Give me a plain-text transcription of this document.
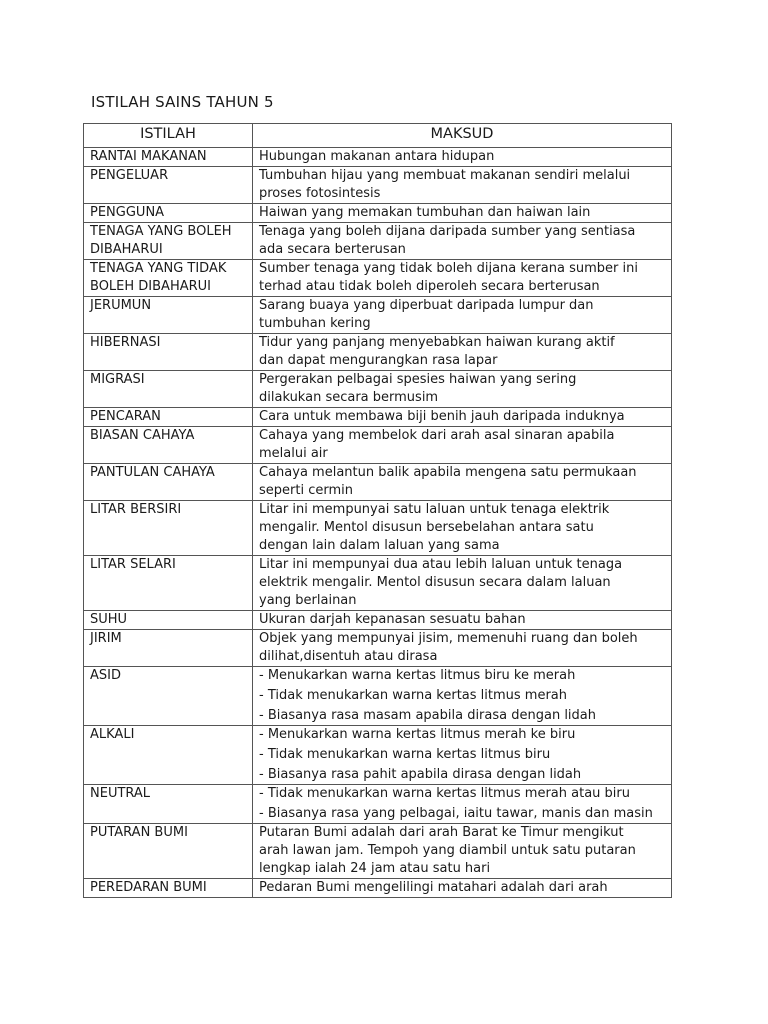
ISTILAH SAINS TAHUN 5
ISTILAH	MAKSUD
RANTAI MAKANAN	Hubungan makanan antara hidupan

PENGELUAR	Tumbuhan hijau yang membuat makanan sendiri melalui
proses fotosintesis

PENGGUNA	Haiwan yang memakan tumbuhan dan haiwan lain

TENAGA YANG BOLEH DIBAHARUI	Tenaga yang boleh dijana daripada sumber yang sentiasa
ada secara berterusan

TENAGA YANG TIDAK BOLEH DIBAHARUI	Sumber tenaga yang tidak boleh dijana kerana sumber ini
terhad atau tidak boleh diperoleh secara berterusan

JERUMUN	Sarang buaya yang diperbuat daripada lumpur dan
tumbuhan kering

HIBERNASI	Tidur yang panjang menyebabkan haiwan kurang aktif
dan dapat mengurangkan rasa lapar

MIGRASI	Pergerakan pelbagai spesies haiwan yang sering
dilakukan secara bermusim

PENCARAN	Cara untuk membawa biji benih jauh daripada induknya

BIASAN CAHAYA	Cahaya yang membelok dari arah asal sinaran apabila
melalui air

PANTULAN CAHAYA	Cahaya melantun balik apabila mengena satu permukaan
seperti cermin

LITAR BERSIRI	Litar ini mempunyai satu laluan untuk tenaga elektrik
mengalir. Mentol disusun bersebelahan antara satu
dengan lain dalam laluan yang sama

LITAR SELARI	Litar ini mempunyai dua atau lebih laluan untuk tenaga
elektrik mengalir. Mentol disusun secara dalam laluan
yang berlainan

SUHU	Ukuran darjah kepanasan sesuatu bahan

JIRIM	Objek yang mempunyai jisim, memenuhi ruang dan boleh
dilihat,disentuh atau dirasa

ASID	- Menukarkan warna kertas litmus biru ke merah
- Tidak menukarkan warna kertas litmus merah
- Biasanya rasa masam apabila dirasa dengan lidah

ALKALI	- Menukarkan warna kertas litmus merah ke biru
- Tidak menukarkan warna kertas litmus biru
- Biasanya rasa pahit apabila dirasa dengan lidah

NEUTRAL	- Tidak menukarkan warna kertas litmus merah atau biru
- Biasanya rasa yang pelbagai, iaitu tawar, manis dan masin

PUTARAN BUMI	Putaran Bumi adalah dari arah Barat ke Timur mengikut
arah lawan jam. Tempoh yang diambil untuk satu putaran
lengkap ialah 24 jam atau satu hari

PEREDARAN BUMI	Pedaran Bumi mengelilingi matahari adalah dari arah
